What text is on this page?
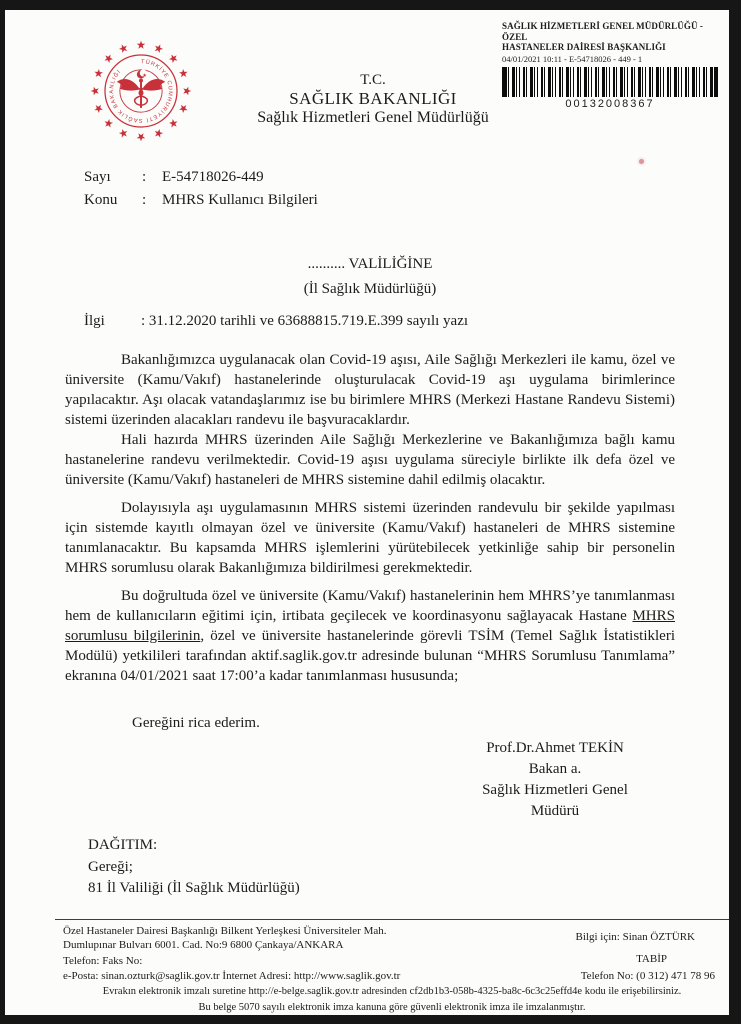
SAĞLIK HİZMETLERİ GENEL MÜDÜRLÜĞÜ - ÖZEL
HASTANELER DAİRESİ BAŞKANLIĞI
04/01/2021 10:11 - E-54718026 - 449 - 1
00132008367
TÜRKİYE CUMHURİYETİ SAĞLIK BAKANLIĞI
T.C.
SAĞLIK BAKANLIĞI
Sağlık Hizmetleri Genel Müdürlüğü
Sayı	:	E-54718026-449
Konu	:	MHRS Kullanıcı Bilgileri
.......... VALİLİĞİNE
(İl Sağlık Müdürlüğü)
İlgi	: 31.12.2020 tarihli ve 63688815.719.E.399 sayılı yazı

Bakanlığımızca uygulanacak olan Covid-19 aşısı, Aile Sağlığı Merkezleri ile kamu, özel ve üniversite (Kamu/Vakıf) hastanelerinde oluşturulacak Covid-19 aşı uygulama birimlerince yapılacaktır. Aşı olacak vatandaşlarımız ise bu birimlere MHRS (Merkezi Hastane Randevu Sistemi) sistemi üzerinden alacakları randevu ile başvuracaklardır.

Hali hazırda MHRS üzerinden Aile Sağlığı Merkezlerine ve Bakanlığımıza bağlı kamu hastanelerine randevu verilmektedir. Covid-19 aşısı uygulama süreciyle birlikte ilk defa özel ve üniversite (Kamu/Vakıf) hastaneleri de MHRS sistemine dahil edilmiş olacaktır.

Dolayısıyla aşı uygulamasının MHRS sistemi üzerinden randevulu bir şekilde yapılması için sistemde kayıtlı olmayan özel ve üniversite (Kamu/Vakıf) hastaneleri de MHRS sistemine tanımlanacaktır. Bu kapsamda MHRS işlemlerini yürütebilecek yetkinliğe sahip bir personelin MHRS sorumlusu olarak Bakanlığımıza bildirilmesi gerekmektedir.

Bu doğrultuda özel ve üniversite (Kamu/Vakıf) hastanelerinin hem MHRS’ye tanımlanması hem de kullanıcıların eğitimi için, irtibata geçilecek ve koordinasyonu sağlayacak Hastane MHRS sorumlusu bilgilerinin, özel ve üniversite hastanelerinde görevli TSİM (Temel Sağlık İstatistikleri Modülü) yetkilileri tarafından aktif.saglik.gov.tr adresinde bulunan “MHRS Sorumlusu Tanımlama” ekranına 04/01/2021 saat 17:00’a kadar tanımlanması hususunda;

Gereğini rica ederim.
Prof.Dr.Ahmet TEKİN
Bakan a.
Sağlık Hizmetleri Genel
Müdürü
DAĞITIM:
Gereği;
81 İl Valiliği (İl Sağlık Müdürlüğü)
Özel Hastaneler Dairesi Başkanlığı Bilkent Yerleşkesi Üniversiteler Mah.
Dumlupınar Bulvarı 6001. Cad. No:9 6800 Çankaya/ANKARA
Telefon: Faks No:
Bilgi için: Sinan ÖZTÜRK
TABİP
e-Posta: sinan.ozturk@saglik.gov.tr İnternet Adresi: http://www.saglik.gov.tr	Telefon No: (0 312) 471 78 96
Evrakın elektronik imzalı suretine http://e-belge.saglik.gov.tr adresinden cf2db1b3-058b-4325-ba8c-6c3c25effd4e kodu ile erişebilirsiniz.
Bu belge 5070 sayılı elektronik imza kanuna göre güvenli elektronik imza ile imzalanmıştır.
